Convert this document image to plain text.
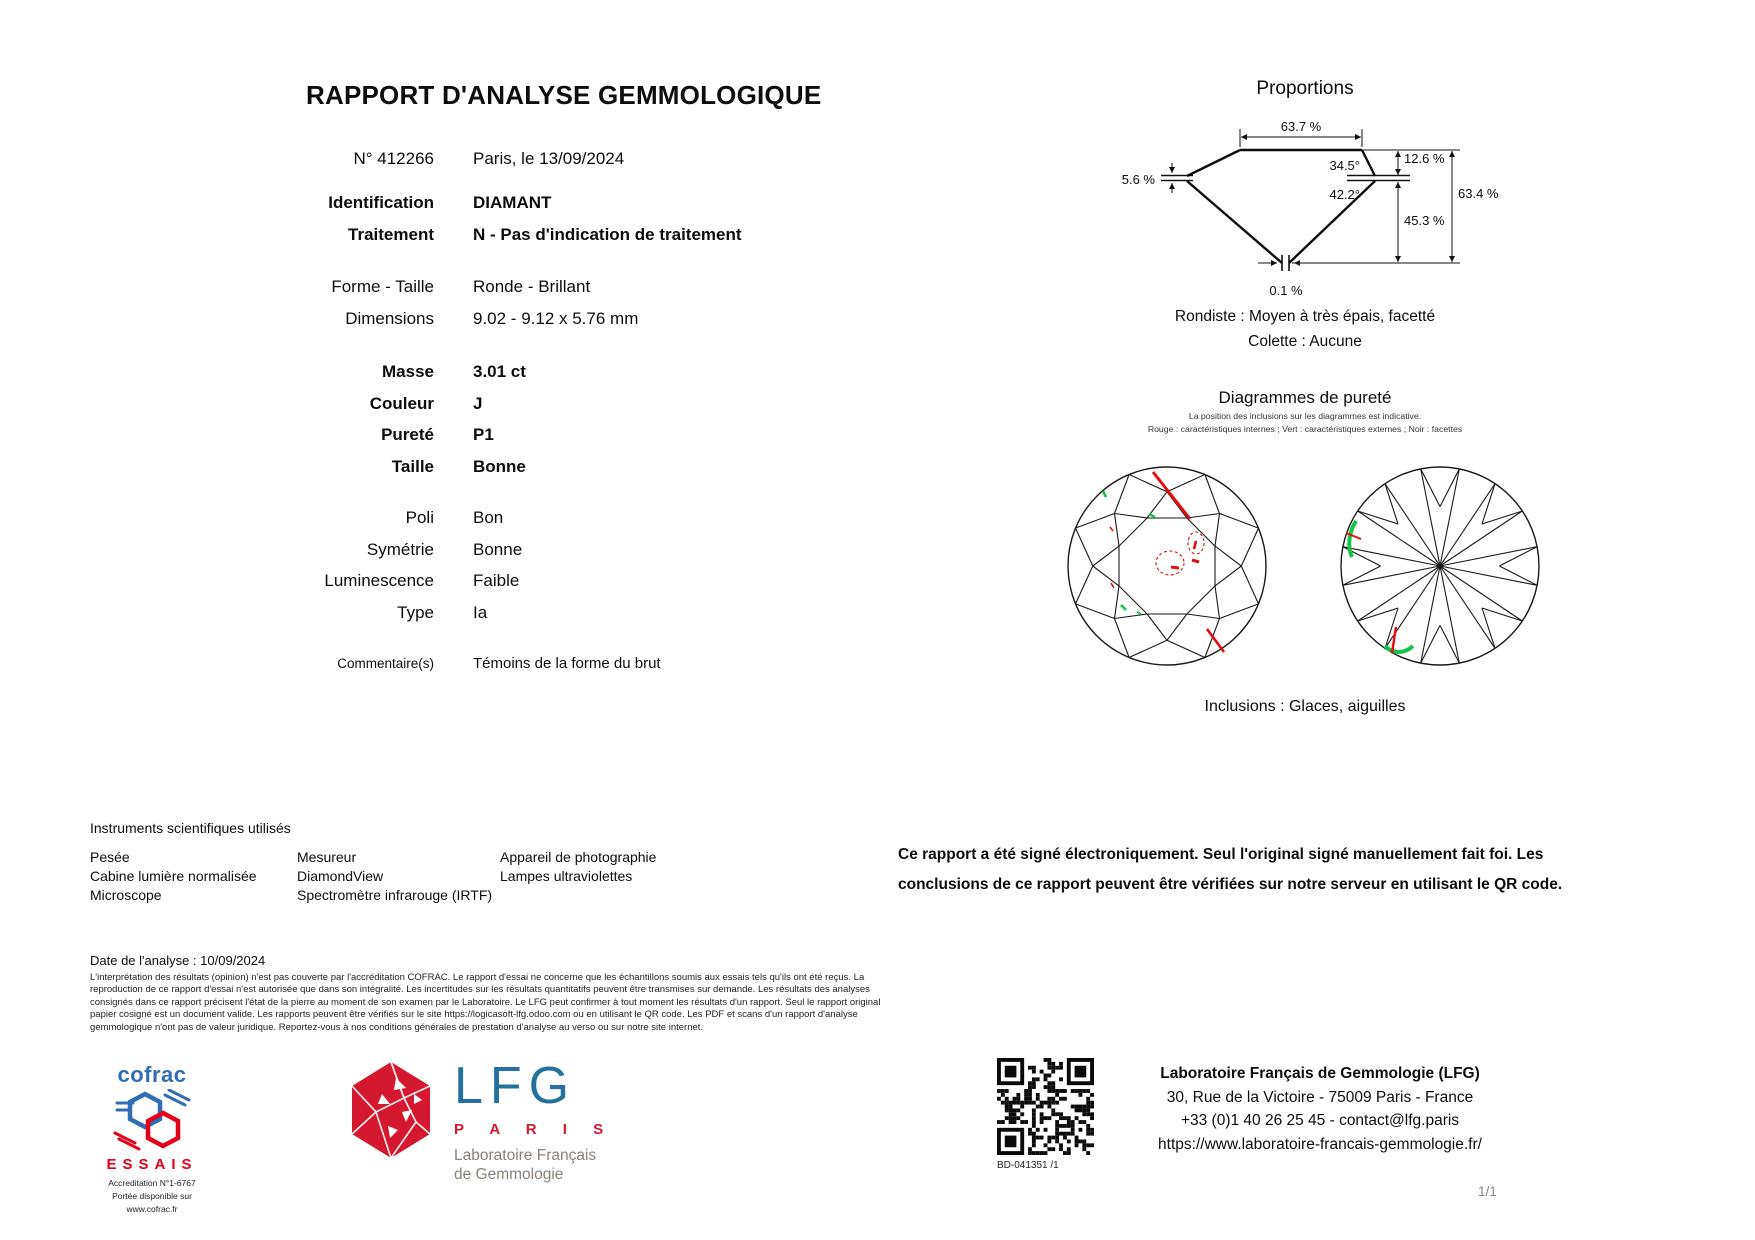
RAPPORT D'ANALYSE GEMMOLOGIQUE
N° 412266 Paris, le 13/09/2024
Identification DIAMANT
Traitement N - Pas d'indication de traitement
Forme - Taille Ronde - Brillant
Dimensions 9.02 - 9.12 x 5.76 mm
Masse 3.01 ct
Couleur J
Pureté P1
Taille Bonne
Poli Bon
Symétrie Bonne
Luminescence Faible
Type Ia
Commentaire(s)	Témoins de la forme du brut
Proportions
63.7 %
5.6 %
34.5°
42.2°
12.6 %
45.3 %
63.4 %
0.1 %
Rondiste : Moyen à très épais, facetté
Colette : Aucune
Diagrammes de pureté
La position des inclusions sur les diagrammes est indicative.
Rouge : caractéristiques internes ; Vert : caractéristiques externes ; Noir : facettes
Inclusions : Glaces, aiguilles
Instruments scientifiques utilisés
Pesée
Cabine lumière normalisée
Microscope
Mesureur
DiamondView
Spectromètre infrarouge (IRTF)
Appareil de photographie
Lampes ultraviolettes
Ce rapport a été signé électroniquement. Seul l'original signé manuellement fait foi. Les
conclusions de ce rapport peuvent être vérifiées sur notre serveur en utilisant le QR code.
Date de l'analyse : 10/09/2024
L'interprétation des résultats (opinion) n'est pas couverte par l'accréditation COFRAC. Le rapport d'essai ne concerne que les échantillons soumis aux essais tels qu'ils ont été reçus. La
reproduction de ce rapport d'essai n'est autorisée que dans son intégralité. Les incertitudes sur les résultats quantitatifs peuvent être transmises sur demande. Les résultats des analyses
consignés dans ce rapport précisent l'état de la pierre au moment de son examen par le Laboratoire. Le LFG peut confirmer à tout moment les résultats d'un rapport. Seul le rapport original
papier cosigné est un document valide. Les rapports peuvent être vérifiés sur le site https://logicasoft-lfg.odoo.com ou en utilisant le QR code. Les PDF et scans d'un rapport d'analyse
gemmologique n'ont pas de valeur juridique. Reportez-vous à nos conditions générales de prestation d'analyse au verso ou sur notre site internet.
cofrac
ESSAIS
Accreditation N°1-6767
Portée disponible sur
www.cofrac.fr
LFG
P A R I S
Laboratoire Français
de Gemmologie
BD-041351 /1
Laboratoire Français de Gemmologie (LFG)
30, Rue de la Victoire - 75009 Paris - France
+33 (0)1 40 26 25 45 - contact@lfg.paris
https://www.laboratoire-francais-gemmologie.fr/
1/1
